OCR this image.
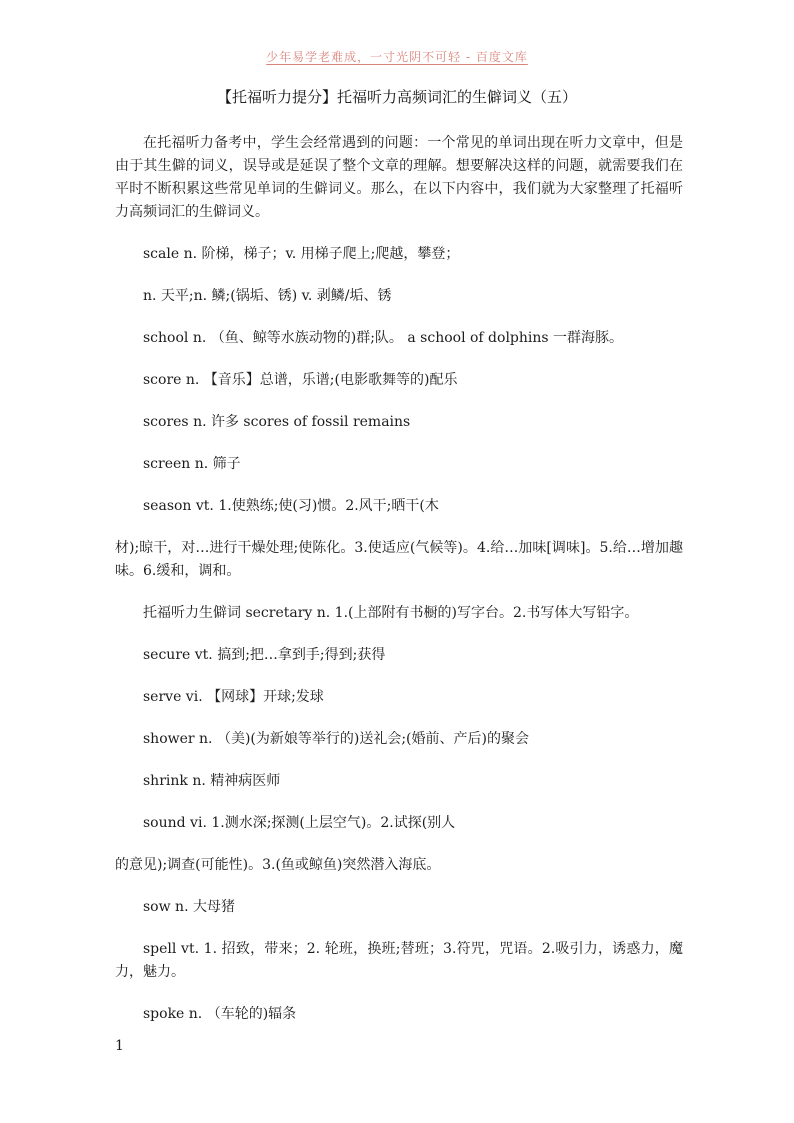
少年易学老难成，一寸光阴不可轻 - 百度文库
【托福听力提分】托福听力高频词汇的生僻词义（五）

在托福听力备考中，学生会经常遇到的问题：一个常见的单词出现在听力文章中，但是由于其生僻的词义，误导或是延误了整个文章的理解。想要解决这样的问题，就需要我们在平时不断积累这些常见单词的生僻词义。那么，在以下内容中，我们就为大家整理了托福听力高频词汇的生僻词义。

scale n. 阶梯，梯子；v. 用梯子爬上;爬越，攀登；

n. 天平;n. 鳞;(锅垢、锈) v. 剥鳞/垢、锈

school n. （鱼、鲸等水族动物的)群;队。 a school of dolphins 一群海豚。

score n. 【音乐】总谱，乐谱;(电影歌舞等的)配乐

scores n. 许多 scores of fossil remains

screen n. 筛子

season vt. 1.使熟练;使(习)惯。2.风干;晒干(木

材);晾干，对…进行干燥处理;使陈化。3.使适应(气候等)。4.给…加味[调味]。5.给…增加趣味。6.缓和，调和。

托福听力生僻词 secretary n. 1.(上部附有书橱的)写字台。2.书写体大写铅字。

secure vt. 搞到;把…拿到手;得到;获得

serve vi. 【网球】开球;发球

shower n. （美)(为新娘等举行的)送礼会;(婚前、产后)的聚会

shrink n. 精神病医师

sound vi. 1.测水深;探测(上层空气)。2.试探(别人

的意见);调查(可能性)。3.(鱼或鲸鱼)突然潜入海底。

sow n. 大母猪

spell vt. 1. 招致，带来；2. 轮班，换班;替班；3.符咒，咒语。2.吸引力，诱惑力，魔力，魅力。

spoke n. （车轮的)辐条

1
